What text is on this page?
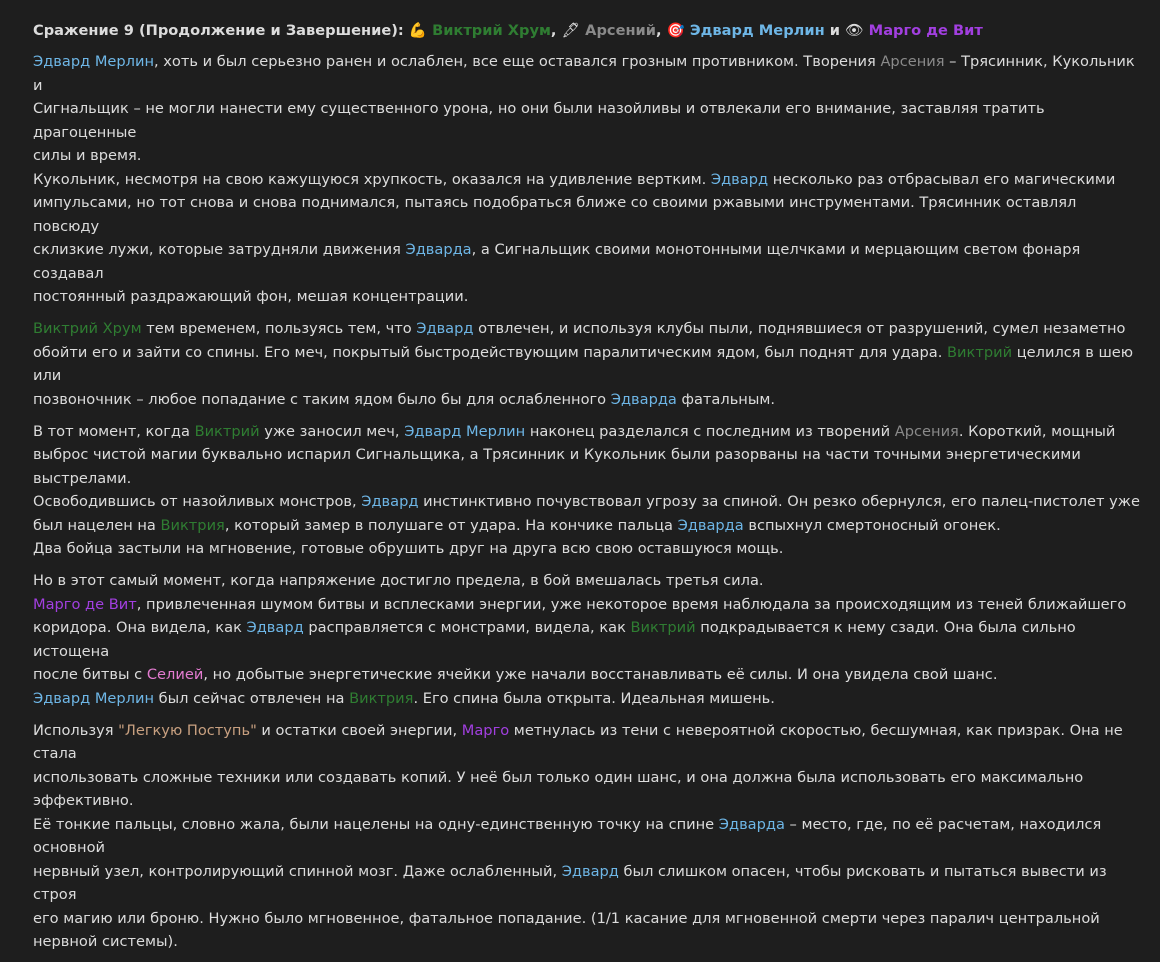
Сражение 9 (Продолжение и Завершение): 💪 Виктрий Хрум, 🖋 Арсений, 🎯 Эдвард Мерлин и 👁 Марго де Вит
Эдвард Мерлин, хоть и был серьезно ранен и ослаблен, все еще оставался грозным противником. Творения Арсения – Трясинник, Кукольник и
Сигнальщик – не могли нанести ему существенного урона, но они были назойливы и отвлекали его внимание, заставляя тратить драгоценные
силы и время.
Кукольник, несмотря на свою кажущуюся хрупкость, оказался на удивление вертким. Эдвард несколько раз отбрасывал его магическими
импульсами, но тот снова и снова поднимался, пытаясь подобраться ближе со своими ржавыми инструментами. Трясинник оставлял повсюду
склизкие лужи, которые затрудняли движения Эдварда, а Сигнальщик своими монотонными щелчками и мерцающим светом фонаря создавал
постоянный раздражающий фон, мешая концентрации.
Виктрий Хрум тем временем, пользуясь тем, что Эдвард отвлечен, и используя клубы пыли, поднявшиеся от разрушений, сумел незаметно
обойти его и зайти со спины. Его меч, покрытый быстродействующим паралитическим ядом, был поднят для удара. Виктрий целился в шею или
позвоночник – любое попадание с таким ядом было бы для ослабленного Эдварда фатальным.
В тот момент, когда Виктрий уже заносил меч, Эдвард Мерлин наконец разделался с последним из творений Арсения. Короткий, мощный
выброс чистой магии буквально испарил Сигнальщика, а Трясинник и Кукольник были разорваны на части точными энергетическими
выстрелами.
Освободившись от назойливых монстров, Эдвард инстинктивно почувствовал угрозу за спиной. Он резко обернулся, его палец-пистолет уже
был нацелен на Виктрия, который замер в полушаге от удара. На кончике пальца Эдварда вспыхнул смертоносный огонек.
Два бойца застыли на мгновение, готовые обрушить друг на друга всю свою оставшуюся мощь.
Но в этот самый момент, когда напряжение достигло предела, в бой вмешалась третья сила.
Марго де Вит, привлеченная шумом битвы и всплесками энергии, уже некоторое время наблюдала за происходящим из теней ближайшего
коридора. Она видела, как Эдвард расправляется с монстрами, видела, как Виктрий подкрадывается к нему сзади. Она была сильно истощена
после битвы с Селией, но добытые энергетические ячейки уже начали восстанавливать её силы. И она увидела свой шанс.
Эдвард Мерлин был сейчас отвлечен на Виктрия. Его спина была открыта. Идеальная мишень.
Используя "Легкую Поступь" и остатки своей энергии, Марго метнулась из тени с невероятной скоростью, бесшумная, как призрак. Она не стала
использовать сложные техники или создавать копий. У неё был только один шанс, и она должна была использовать его максимально
эффективно.
Её тонкие пальцы, словно жала, были нацелены на одну-единственную точку на спине Эдварда – место, где, по её расчетам, находился основной
нервный узел, контролирующий спинной мозг. Даже ослабленный, Эдвард был слишком опасен, чтобы рисковать и пытаться вывести из строя
его магию или броню. Нужно было мгновенное, фатальное попадание. (1/1 касание для мгновенной смерти через паралич центральной
нервной системы).
